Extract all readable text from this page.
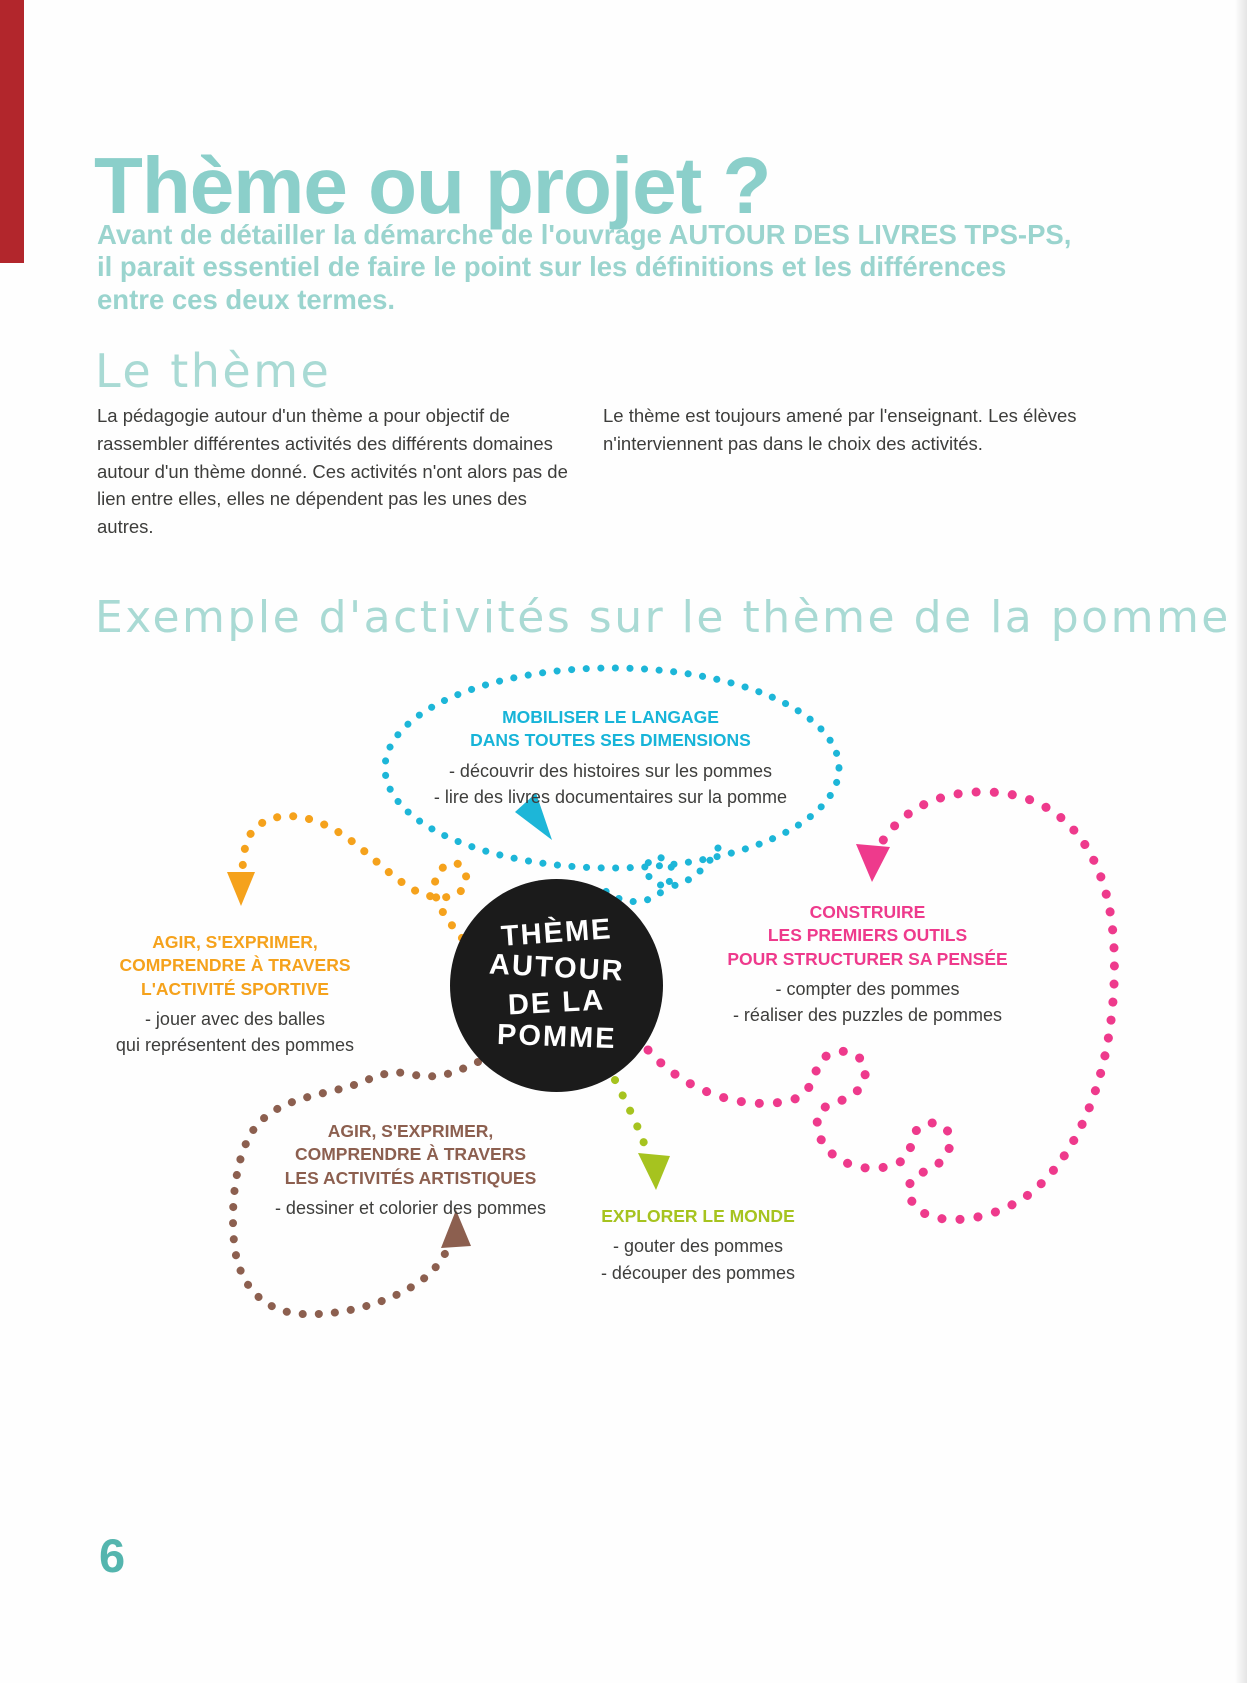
Thème ou projet ?

Avant de détailler la démarche de l'ouvrage AUTOUR DES LIVRES TPS-PS, il parait essentiel de faire le point sur les définitions et les différences entre ces deux termes.

Le thème

La pédagogie autour d'un thème a pour objectif de rassembler différentes activités des différents domaines autour d'un thème donné. Ces activités n'ont alors pas de lien entre elles, elles ne dépendent pas les unes des autres.

Le thème est toujours amené par l'enseignant. Les élèves n'interviennent pas dans le choix des activités.

Exemple d'activités sur le thème de la pomme
THÈME
AUTOUR
DE LA
POMME
MOBILISER LE LANGAGE
DANS TOUTES SES DIMENSIONS
- découvrir des histoires sur les pommes
- lire des livres documentaires sur la pomme
CONSTRUIRE
LES PREMIERS OUTILS
POUR STRUCTURER SA PENSÉE
- compter des pommes
- réaliser des puzzles de pommes
AGIR, S'EXPRIMER,
COMPRENDRE À TRAVERS
L'ACTIVITÉ SPORTIVE
- jouer avec des balles
qui représentent des pommes
AGIR, S'EXPRIMER,
COMPRENDRE À TRAVERS
LES ACTIVITÉS ARTISTIQUES
- dessiner et colorier des pommes	EXPLORER LE MONDE
- gouter des pommes
- découper des pommes
6
